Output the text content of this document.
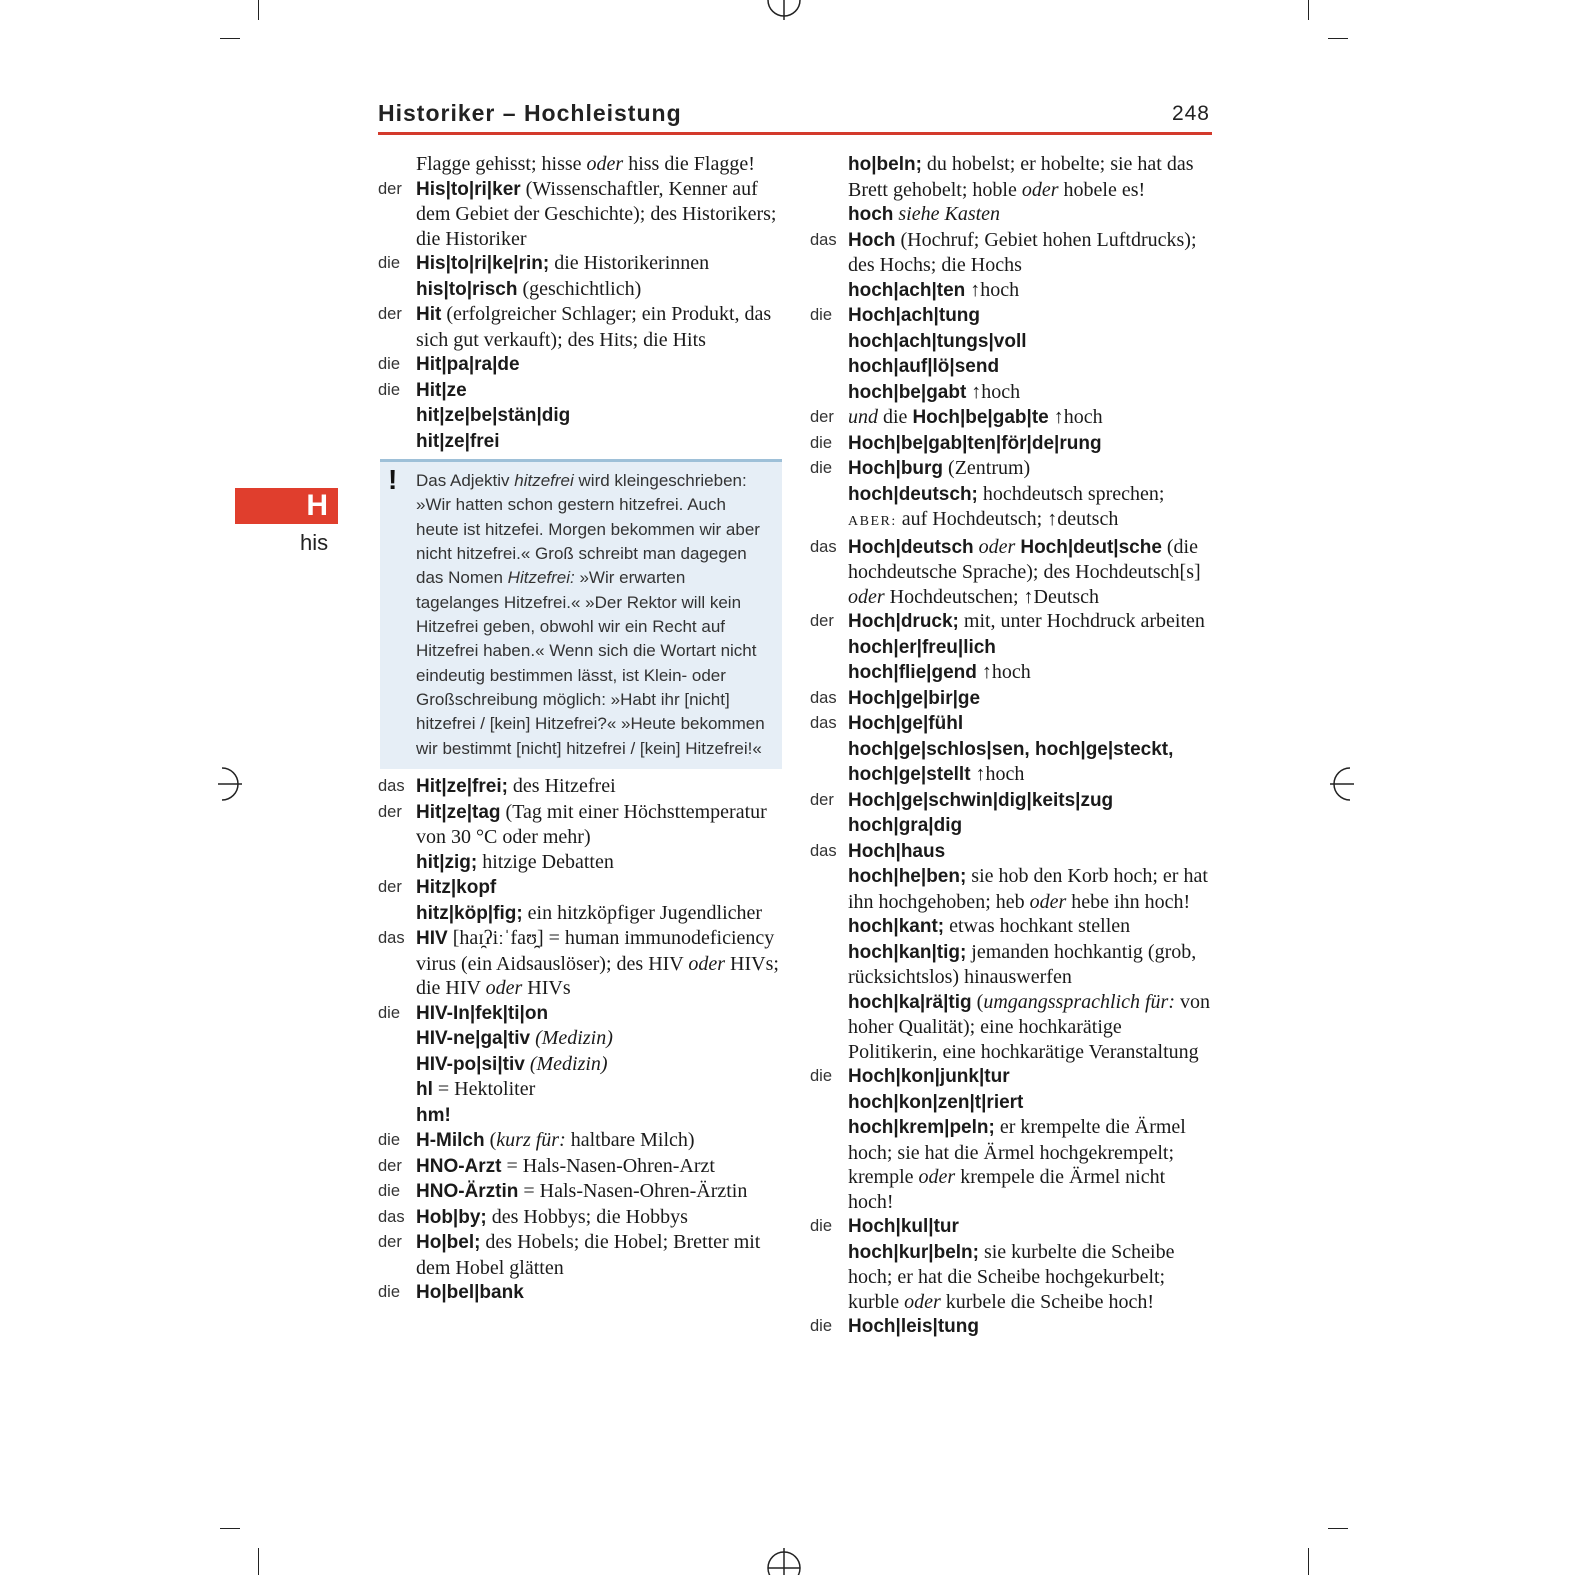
Historiker – Hochleistung	248
H
his
Flagge gehisst; hisse oder hiss die Flagge!
der His|to|ri|ker (Wissenschaftler, Kenner auf dem Gebiet der Geschichte); des Historikers; die Historiker
die His|to|ri|ke|rin; die Historikerinnen
his|to|risch (geschichtlich)
der Hit (erfolgreicher Schlager; ein Produkt, das sich gut verkauft); des Hits; die Hits
die Hit|pa|ra|de
die Hit|ze
hit|ze|be|stän|dig
hit|ze|frei
! Das Adjektiv hitzefrei wird kleingeschrieben: »Wir hatten schon gestern hitzefrei. Auch heute ist hitzefei. Morgen bekommen wir aber nicht hitzefrei.« Groß schreibt man dagegen das Nomen Hitzefrei: »Wir erwarten tagelanges Hitzefrei.« »Der Rektor will kein Hitzefrei geben, obwohl wir ein Recht auf Hitzefrei haben.« Wenn sich die Wortart nicht eindeutig bestimmen lässt, ist Klein- oder Großschreibung möglich: »Habt ihr [nicht] hitzefrei / [kein] Hitzefrei?« »Heute bekommen wir bestimmt [nicht] hitzefrei / [kein] Hitzefrei!«
das Hit|ze|frei; des Hitzefrei
der Hit|ze|tag (Tag mit einer Höchsttemperatur von 30 °C oder mehr)
hit|zig; hitzige Debatten
der Hitz|kopf
hitz|köp|fig; ein hitzköpfiger Jugendlicher
das HIV [haɪ̯ʔiːˈfaʊ̯] = human immunodeficiency virus (ein Aidsauslöser); des HIV oder HIVs; die HIV oder HIVs
die HIV-In|fek|ti|on
HIV-ne|ga|tiv (Medizin)
HIV-po|si|tiv (Medizin)
hl = Hektoliter
hm!
die H-Milch (kurz für: haltbare Milch)
der HNO-Arzt = Hals-Nasen-Ohren-Arzt
die HNO-Ärztin = Hals-Nasen-Ohren-Ärztin
das Hob|by; des Hobbys; die Hobbys
der Ho|bel; des Hobels; die Hobel; Bretter mit dem Hobel glätten
die Ho|bel|bank
ho|beln; du hobelst; er hobelte; sie hat das Brett gehobelt; hoble oder hobele es!
hoch siehe Kasten
das Hoch (Hochruf; Gebiet hohen Luftdrucks); des Hochs; die Hochs
hoch|ach|ten ↑hoch
die Hoch|ach|tung
hoch|ach|tungs|voll
hoch|auf|lö|send
hoch|be|gabt ↑hoch
der und die Hoch|be|gab|te ↑hoch
die Hoch|be|gab|ten|för|de|rung
die Hoch|burg (Zentrum)
hoch|deutsch; hochdeutsch sprechen; ABER: auf Hochdeutsch; ↑deutsch
das Hoch|deutsch oder Hoch|deut|sche (die hochdeutsche Sprache); des Hochdeutsch[s] oder Hochdeutschen; ↑Deutsch
der Hoch|druck; mit, unter Hochdruck arbeiten
hoch|er|freu|lich
hoch|flie|gend ↑hoch
das Hoch|ge|bir|ge
das Hoch|ge|fühl
hoch|ge|schlos|sen, hoch|ge|steckt, hoch|ge|stellt ↑hoch
der Hoch|ge|schwin|dig|keits|zug
hoch|gra|dig
das Hoch|haus
hoch|he|ben; sie hob den Korb hoch; er hat ihn hochgehoben; heb oder hebe ihn hoch!
hoch|kant; etwas hochkant stellen
hoch|kan|tig; jemanden hochkantig (grob, rücksichtslos) hinauswerfen
hoch|ka|rä|tig (umgangssprachlich für: von hoher Qualität); eine hochkarätige Politikerin, eine hochkarätige Veranstaltung
die Hoch|kon|junk|tur
hoch|kon|zen|t|riert
hoch|krem|peln; er krempelte die Ärmel hoch; sie hat die Ärmel hochgekrempelt; kremple oder krempele die Ärmel nicht hoch!
die Hoch|kul|tur
hoch|kur|beln; sie kurbelte die Scheibe hoch; er hat die Scheibe hochgekurbelt; kurble oder kurbele die Scheibe hoch!
die Hoch|leis|tung
